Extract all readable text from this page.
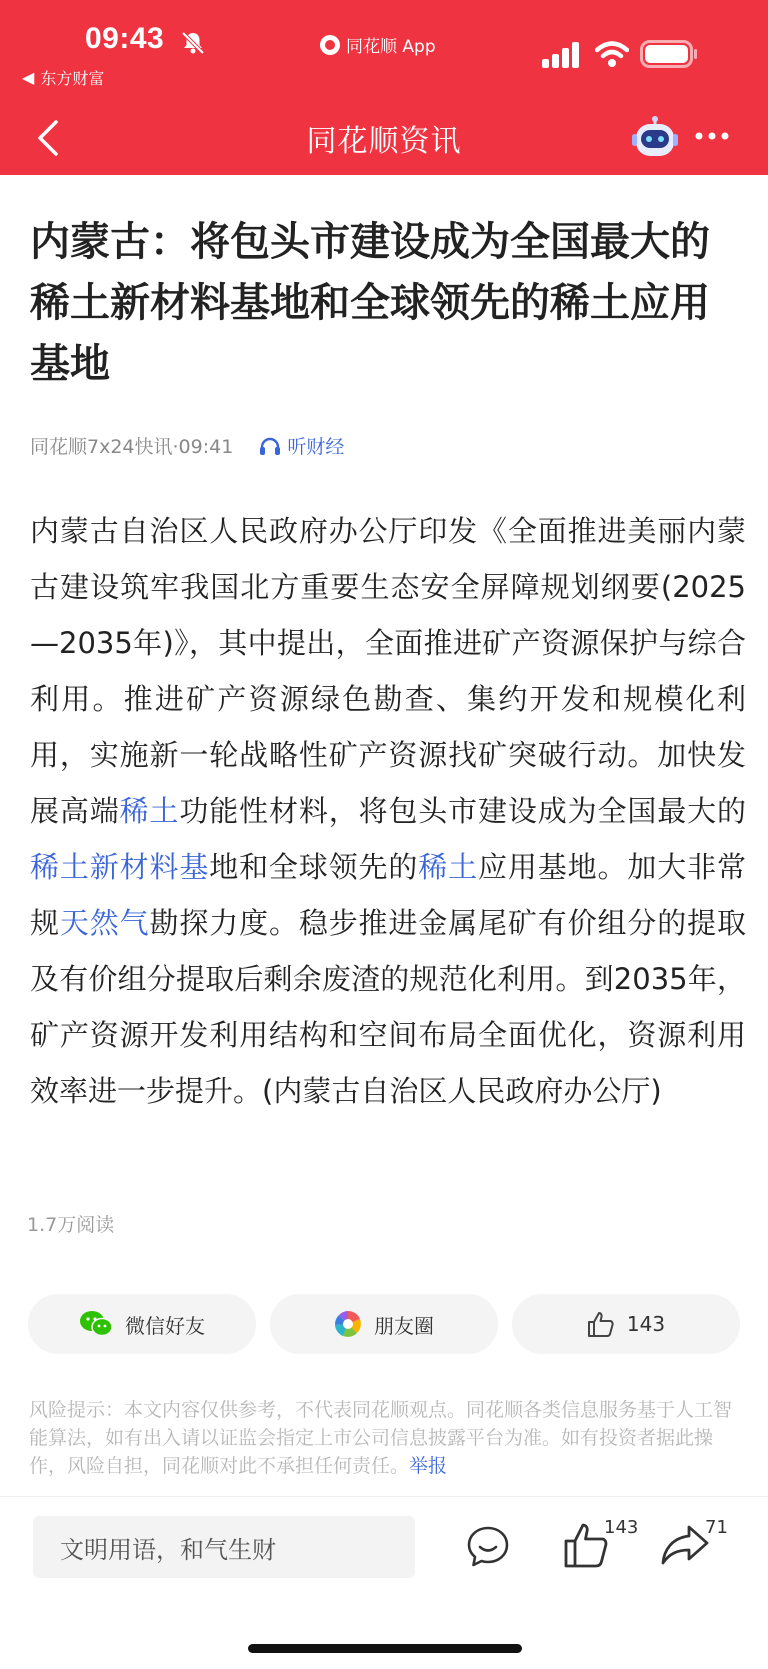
09:43	同花顺 App
◀ 东方财富
同花顺资讯
内蒙古：将包头市建设成为全国最大的稀土新材料基地和全球领先的稀土应用基地
同花顺7x24快讯·09:41	听财经
内蒙古自治区人民政府办公厅印发《全面推进美丽内蒙古建设筑牢我国北方重要生态安全屏障规划纲要(2025—2035年)》，其中提出，全面推进矿产资源保护与综合利用。推进矿产资源绿色勘查、集约开发和规模化利用，实施新一轮战略性矿产资源找矿突破行动。加快发展高端稀土功能性材料，将包头市建设成为全国最大的稀土新材料基地和全球领先的稀土应用基地。加大非常规天然气勘探力度。稳步推进金属尾矿有价组分的提取及有价组分提取后剩余废渣的规范化利用。到2035年，矿产资源开发利用结构和空间布局全面优化，资源利用效率进一步提升。(内蒙古自治区人民政府办公厅)
1.7万阅读
微信好友	朋友圈	143
风险提示：本文内容仅供参考，不代表同花顺观点。同花顺各类信息服务基于人工智能算法，如有出入请以证监会指定上市公司信息披露平台为准。如有投资者据此操作，风险自担，同花顺对此不承担任何责任。举报
文明用语，和气生财
143	71
